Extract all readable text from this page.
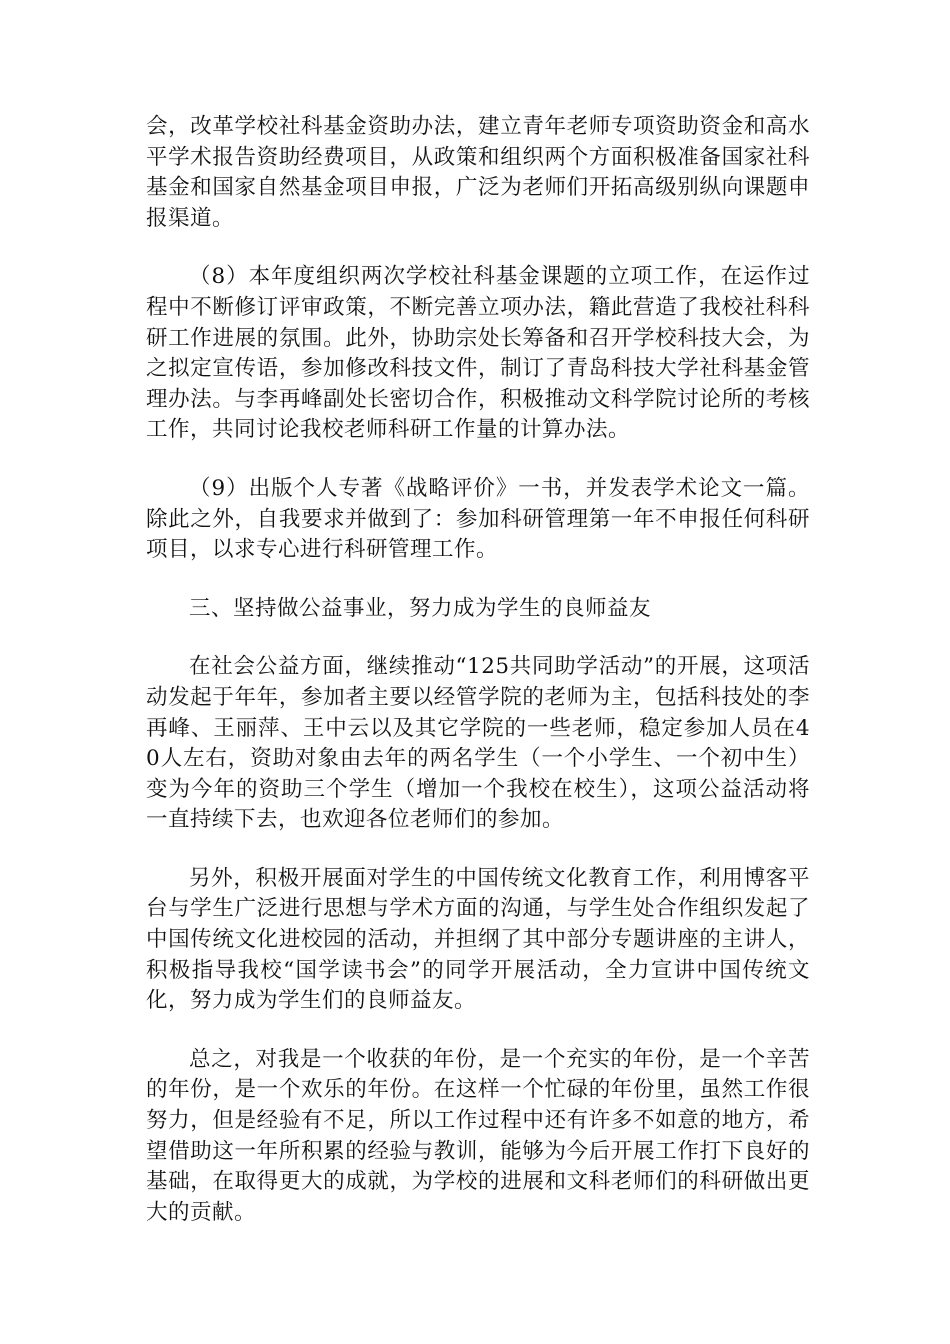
会，改革学校社科基金资助办法，建立青年老师专项资助资金和高水平学术报告资助经费项目，从政策和组织两个方面积极准备国家社科基金和国家自然基金项目申报，广泛为老师们开拓高级别纵向课题申报渠道。

（8）本年度组织两次学校社科基金课题的立项工作，在运作过程中不断修订评审政策，不断完善立项办法，籍此营造了我校社科科研工作进展的氛围。此外，协助宗处长筹备和召开学校科技大会，为之拟定宣传语，参加修改科技文件，制订了青岛科技大学社科基金管理办法。与李再峰副处长密切合作，积极推动文科学院讨论所的考核工作，共同讨论我校老师科研工作量的计算办法。

（9）出版个人专著《战略评价》一书，并发表学术论文一篇。除此之外，自我要求并做到了：参加科研管理第一年不申报任何科研项目，以求专心进行科研管理工作。

三、坚持做公益事业，努力成为学生的良师益友

在社会公益方面，继续推动“125共同助学活动”的开展，这项活动发起于年年，参加者主要以经管学院的老师为主，包括科技处的李再峰、王丽萍、王中云以及其它学院的一些老师，稳定参加人员在40人左右，资助对象由去年的两名学生（一个小学生、一个初中生）变为今年的资助三个学生（增加一个我校在校生），这项公益活动将一直持续下去，也欢迎各位老师们的参加。

另外，积极开展面对学生的中国传统文化教育工作，利用博客平台与学生广泛进行思想与学术方面的沟通，与学生处合作组织发起了中国传统文化进校园的活动，并担纲了其中部分专题讲座的主讲人，积极指导我校“国学读书会”的同学开展活动，全力宣讲中国传统文化，努力成为学生们的良师益友。

总之，对我是一个收获的年份，是一个充实的年份，是一个辛苦的年份，是一个欢乐的年份。在这样一个忙碌的年份里，虽然工作很努力，但是经验有不足，所以工作过程中还有许多不如意的地方，希望借助这一年所积累的经验与教训，能够为今后开展工作打下良好的基础，在取得更大的成就，为学校的进展和文科老师们的科研做出更大的贡献。
